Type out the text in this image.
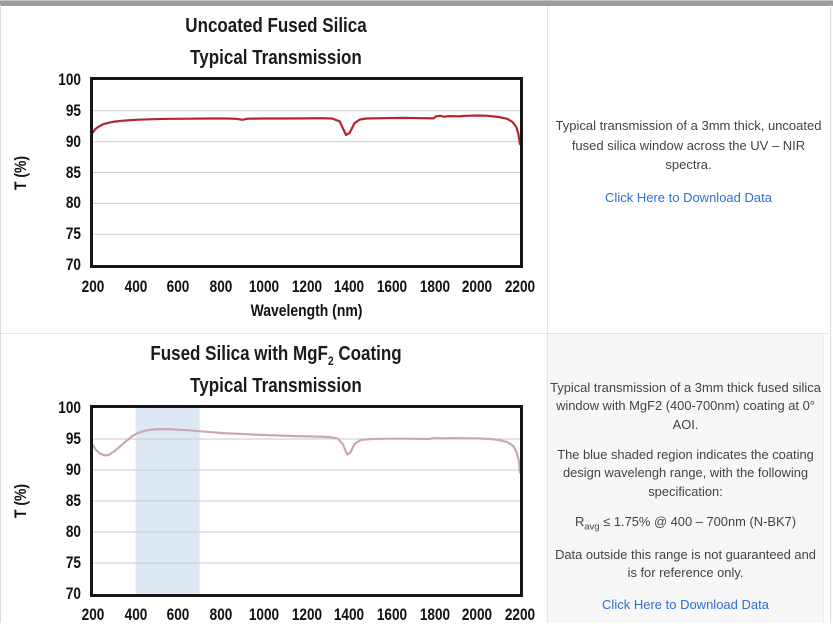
Uncoated Fused Silica
Typical Transmission
T (%)
100
95
90
85
80
75
70
200	400	600	800 1000 1200 1400 1600 1800 2000 2200
Wavelength (nm)

Typical transmission of a 3mm thick, uncoated fused silica window across the UV – NIR spectra.

Click Here to Download Data
Fused Silica with MgF$_2$ Coating
Typical Transmission
T (%)
100
95
90
85
80
75
70
200	400	600	800 1000 1200 1400 1600 1800 2000 2200

Typical transmission of a 3mm thick fused silica window with MgF2 (400-700nm) coating at 0° AOI.

The blue shaded region indicates the coating design wavelengh range, with the following specification:

$R_{avg} \le 1.75\%$ @ 400 – 700nm (N-BK7)

Data outside this range is not guaranteed and is for reference only.

Click Here to Download Data
